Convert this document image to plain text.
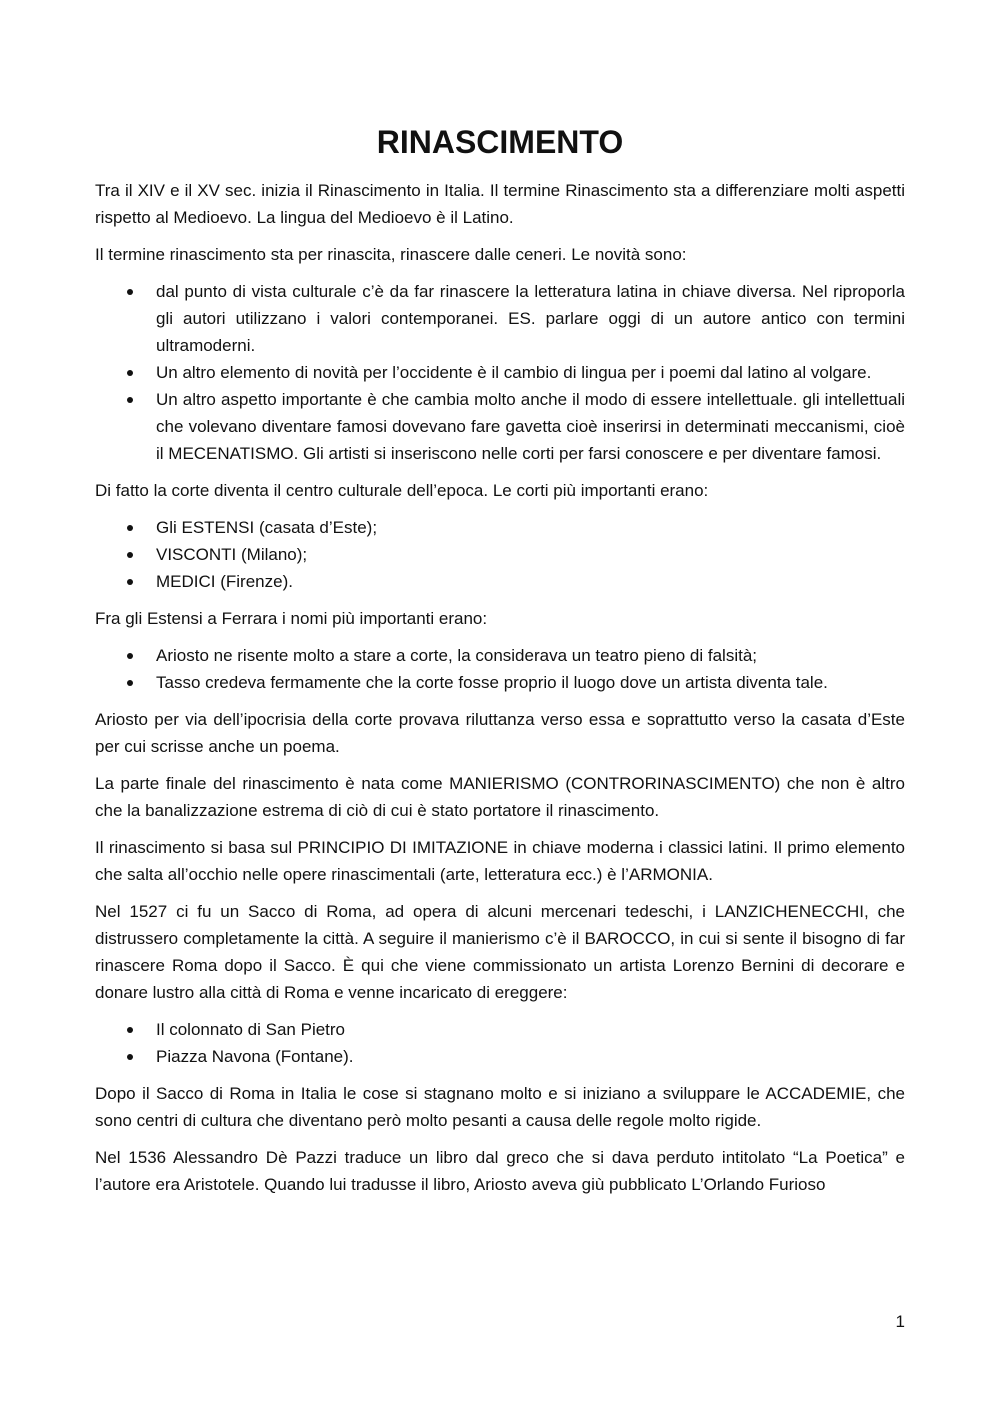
RINASCIMENTO

Tra il XIV e il XV sec. inizia il Rinascimento in Italia. Il termine Rinascimento sta a differenziare molti aspetti rispetto al Medioevo. La lingua del Medioevo è il Latino.

Il termine rinascimento sta per rinascita, rinascere dalle ceneri. Le novità sono:

dal punto di vista culturale c’è da far rinascere la letteratura latina in chiave diversa. Nel riproporla gli autori utilizzano i valori contemporanei. ES. parlare oggi di un autore antico con termini ultramoderni.
Un altro elemento di novità per l’occidente è il cambio di lingua per i poemi dal latino al volgare.
Un altro aspetto importante è che cambia molto anche il modo di essere intellettuale. gli intellettuali che volevano diventare famosi dovevano fare gavetta cioè inserirsi in determinati meccanismi, cioè il MECENATISMO. Gli artisti si inseriscono nelle corti per farsi conoscere e per diventare famosi.

Di fatto la corte diventa il centro culturale dell’epoca. Le corti più importanti erano:

Gli ESTENSI (casata d’Este);
VISCONTI (Milano);
MEDICI (Firenze).

Fra gli Estensi a Ferrara i nomi più importanti erano:

Ariosto ne risente molto a stare a corte, la considerava un teatro pieno di falsità;
Tasso credeva fermamente che la corte fosse proprio il luogo dove un artista diventa tale.

Ariosto per via dell’ipocrisia della corte provava riluttanza verso essa e soprattutto verso la casata d’Este per cui scrisse anche un poema.

La parte finale del rinascimento è nata come MANIERISMO (CONTRORINASCIMENTO) che non è altro che la banalizzazione estrema di ciò di cui è stato portatore il rinascimento.

Il rinascimento si basa sul PRINCIPIO DI IMITAZIONE in chiave moderna i classici latini. Il primo elemento che salta all’occhio nelle opere rinascimentali (arte, letteratura ecc.) è l’ARMONIA.

Nel 1527 ci fu un Sacco di Roma, ad opera di alcuni mercenari tedeschi, i LANZICHENECCHI, che distrussero completamente la città. A seguire il manierismo c’è il BAROCCO, in cui si sente il bisogno di far rinascere Roma dopo il Sacco. È qui che viene commissionato un artista Lorenzo Bernini di decorare e donare lustro alla città di Roma e venne incaricato di ereggere:

Il colonnato di San Pietro
Piazza Navona (Fontane).

Dopo il Sacco di Roma in Italia le cose si stagnano molto e si iniziano a sviluppare le ACCADEMIE, che sono centri di cultura che diventano però molto pesanti a causa delle regole molto rigide.

Nel 1536 Alessandro Dè Pazzi traduce un libro dal greco che si dava perduto intitolato “La Poetica” e l’autore era Aristotele. Quando lui tradusse il libro, Ariosto aveva giù pubblicato L’Orlando Furioso

1
